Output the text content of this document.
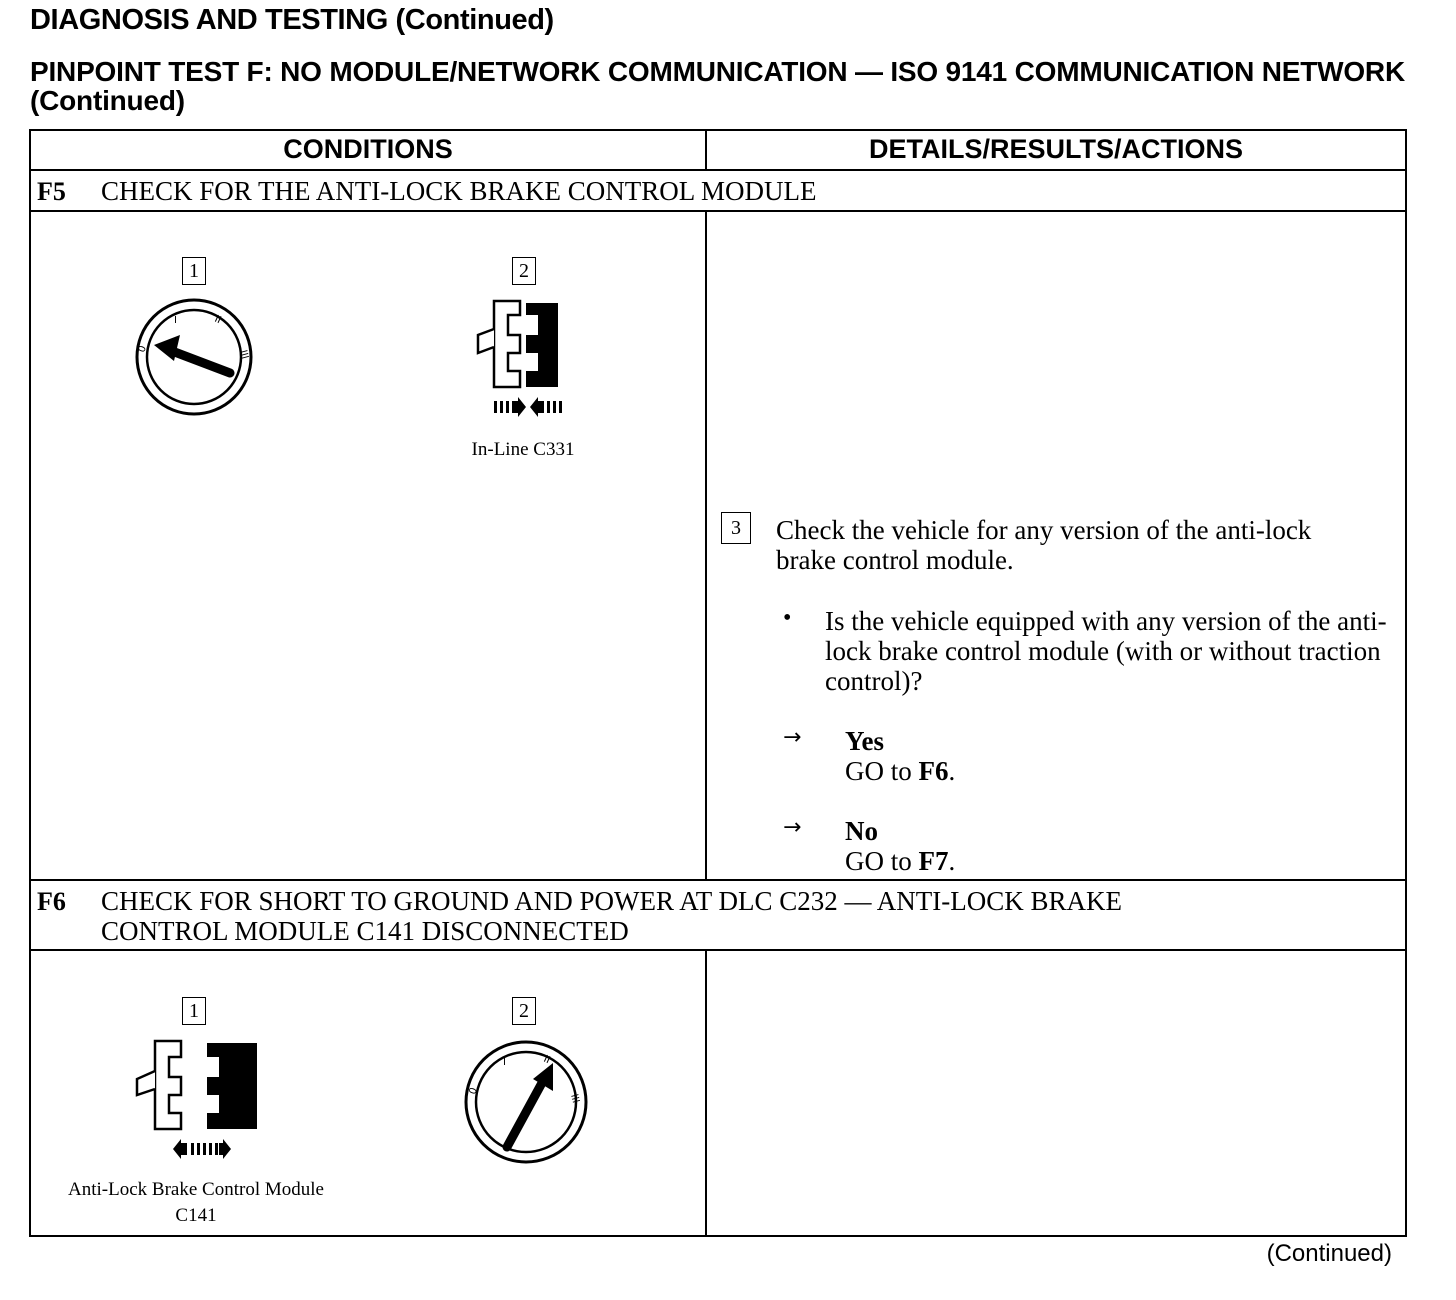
DIAGNOSIS AND TESTING (Continued)
PINPOINT TEST F: NO MODULE/NETWORK COMMUNICATION — ISO 9141 COMMUNICATION NETWORK (Continued)
CONDITIONS	DETAILS/RESULTS/ACTIONS
F5 CHECK FOR THE ANTI-LOCK BRAKE CONTROL MODULE
1
0
I	II
III
2
In-Line C331
3	Check the vehicle for any version of the anti-lock brake control module.
• Is the vehicle equipped with any version of the anti-lock brake control module (with or without traction control)?
→ Yes
GO to F6.
→ No
GO to F7.
F6 CHECK FOR SHORT TO GROUND AND POWER AT DLC C232 — ANTI-LOCK BRAKE
CONTROL MODULE C141 DISCONNECTED
1
Anti-Lock Brake Control Module
C141
2
0
I	II
III
(Continued)
